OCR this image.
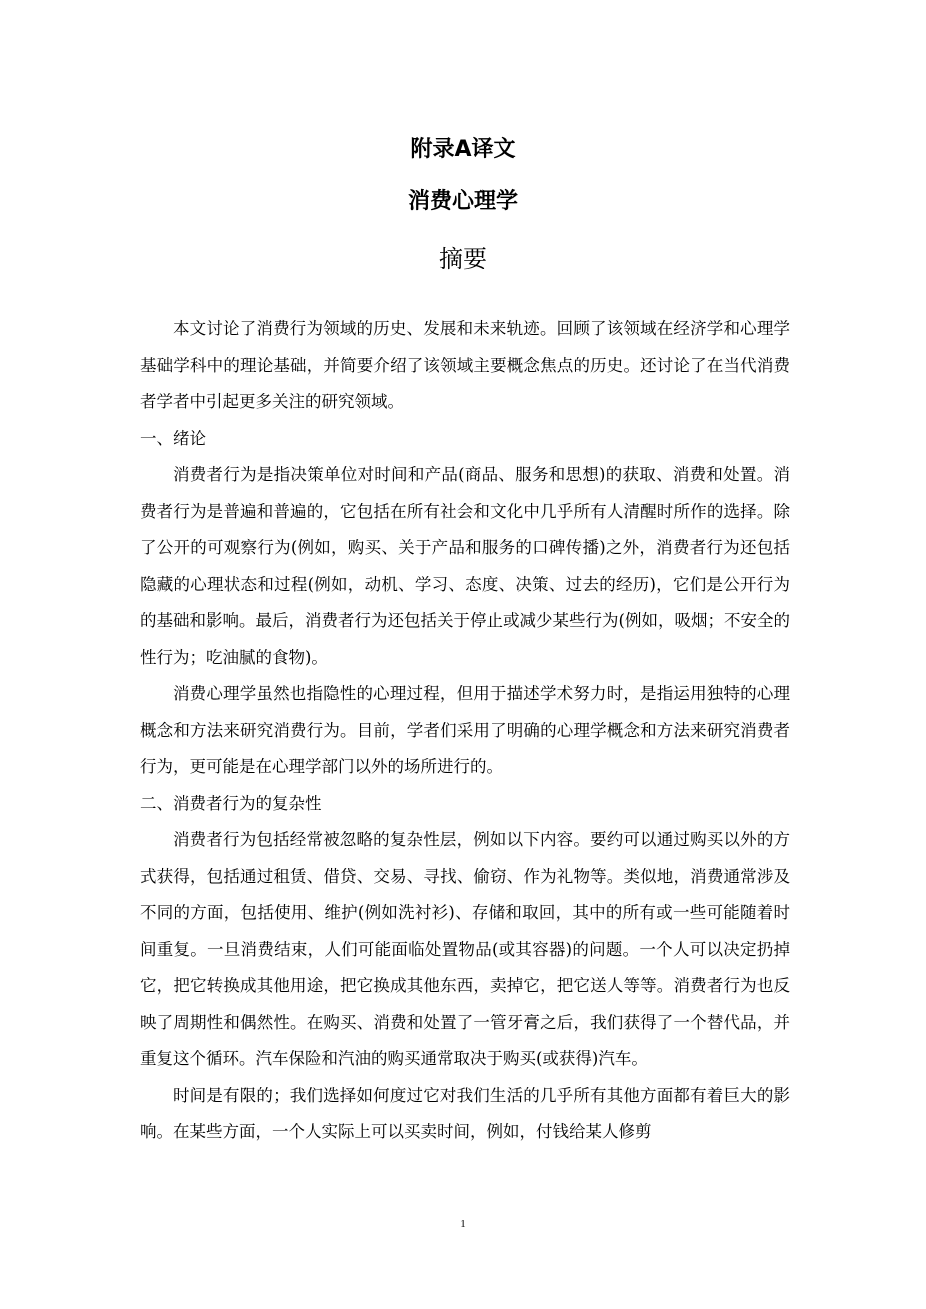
附录A译文
消费心理学
摘要

本文讨论了消费行为领域的历史、发展和未来轨迹。回顾了该领域在经济学和心理学基础学科中的理论基础，并简要介绍了该领域主要概念焦点的历史。还讨论了在当代消费者学者中引起更多关注的研究领域。

一、绪论

消费者行为是指决策单位对时间和产品(商品、服务和思想)的获取、消费和处置。消费者行为是普遍和普遍的，它包括在所有社会和文化中几乎所有人清醒时所作的选择。除了公开的可观察行为(例如，购买、关于产品和服务的口碑传播)之外，消费者行为还包括隐藏的心理状态和过程(例如，动机、学习、态度、决策、过去的经历)，它们是公开行为的基础和影响。最后，消费者行为还包括关于停止或减少某些行为(例如，吸烟；不安全的性行为；吃油腻的食物)。

消费心理学虽然也指隐性的心理过程，但用于描述学术努力时，是指运用独特的心理概念和方法来研究消费行为。目前，学者们采用了明确的心理学概念和方法来研究消费者行为，更可能是在心理学部门以外的场所进行的。

二、消费者行为的复杂性

消费者行为包括经常被忽略的复杂性层，例如以下内容。要约可以通过购买以外的方式获得，包括通过租赁、借贷、交易、寻找、偷窃、作为礼物等。类似地，消费通常涉及不同的方面，包括使用、维护(例如洗衬衫)、存储和取回，其中的所有或一些可能随着时间重复。一旦消费结束，人们可能面临处置物品(或其容器)的问题。一个人可以决定扔掉它，把它转换成其他用途，把它换成其他东西，卖掉它，把它送人等等。消费者行为也反映了周期性和偶然性。在购买、消费和处置了一管牙膏之后，我们获得了一个替代品，并重复这个循环。汽车保险和汽油的购买通常取决于购买(或获得)汽车。

时间是有限的；我们选择如何度过它对我们生活的几乎所有其他方面都有着巨大的影响。在某些方面，一个人实际上可以买卖时间，例如，付钱给某人修剪

1
